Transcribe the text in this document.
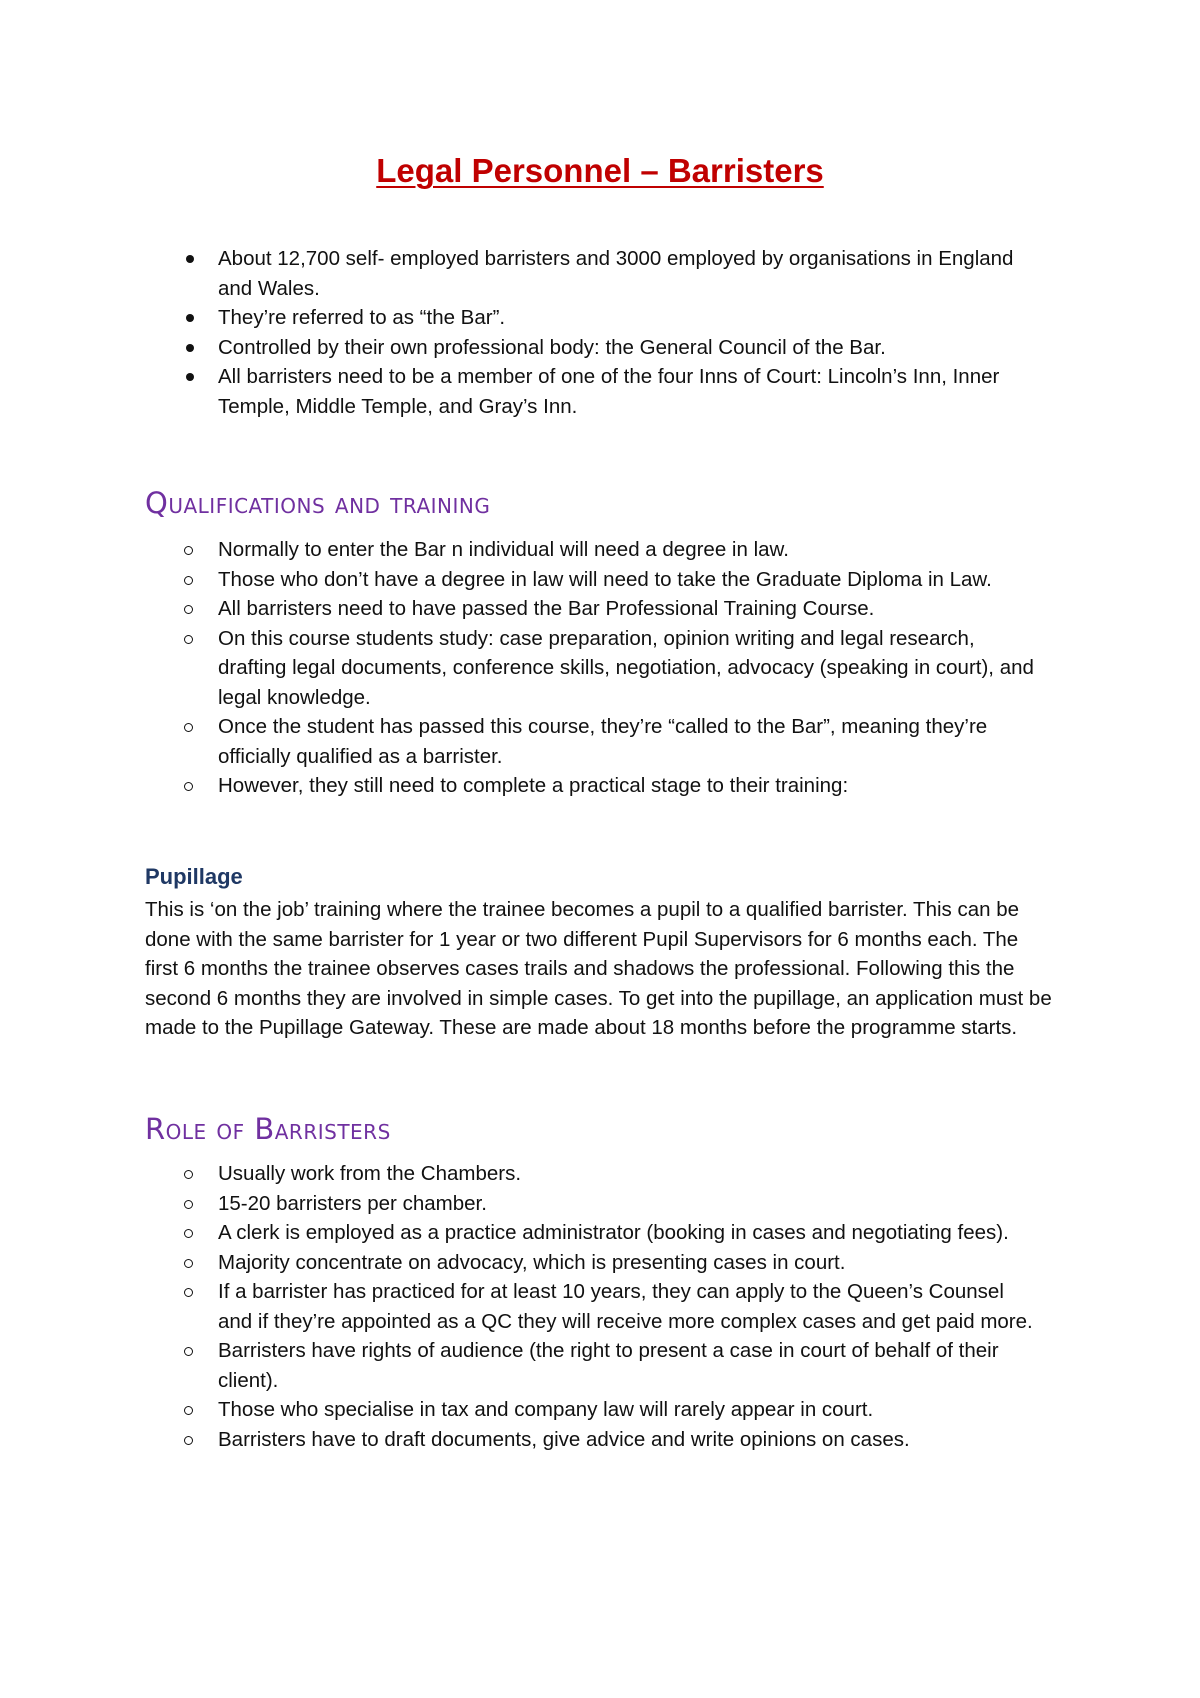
Legal Personnel – Barristers
About 12,700 self- employed barristers and 3000 employed by organisations in England and Wales.
They’re referred to as “the Bar”.
Controlled by their own professional body: the General Council of the Bar.
All barristers need to be a member of one of the four Inns of Court: Lincoln’s Inn, Inner Temple, Middle Temple, and Gray’s Inn.
Qualifications and training
Normally to enter the Bar n individual will need a degree in law.
Those who don’t have a degree in law will need to take the Graduate Diploma in Law.
All barristers need to have passed the Bar Professional Training Course.
On this course students study: case preparation, opinion writing and legal research, drafting legal documents, conference skills, negotiation, advocacy (speaking in court), and legal knowledge.
Once the student has passed this course, they’re “called to the Bar”, meaning they’re officially qualified as a barrister.
However, they still need to complete a practical stage to their training:
Pupillage
This is ‘on the job’ training where the trainee becomes a pupil to a qualified barrister. This can be done with the same barrister for 1 year or two different Pupil Supervisors for 6 months each. The first 6 months the trainee observes cases trails and shadows the professional. Following this the second 6 months they are involved in simple cases. To get into the pupillage, an application must be made to the Pupillage Gateway. These are made about 18 months before the programme starts.
Role of Barristers
Usually work from the Chambers.
15-20 barristers per chamber.
A clerk is employed as a practice administrator (booking in cases and negotiating fees).
Majority concentrate on advocacy, which is presenting cases in court.
If a barrister has practiced for at least 10 years, they can apply to the Queen’s Counsel and if they’re appointed as a QC they will receive more complex cases and get paid more.
Barristers have rights of audience (the right to present a case in court of behalf of their client).
Those who specialise in tax and company law will rarely appear in court.
Barristers have to draft documents, give advice and write opinions on cases.
